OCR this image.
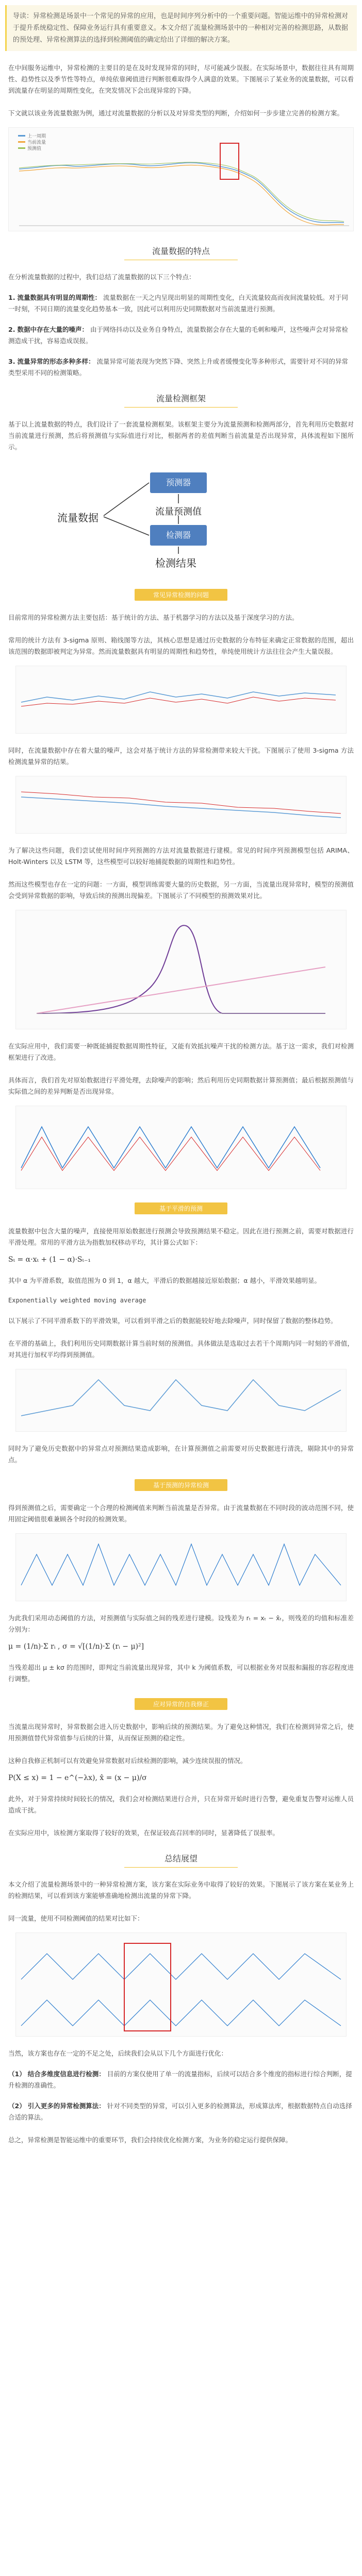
导读：异常检测是场景中一个常见的异常的应用，也是时间序列分析中的一个重要问题。智能运维中的异常检测对于提升系统稳定性、保障业务运行具有重要意义。本文介绍了流量检测场景中的一种相对完善的检测思路，从数据的预处理、异常检测算法的选择到检测阈值的确定给出了详细的解决方案。
在中间服务运维中，异常检测的主要目的是在及时发现异常的同时，尽可能减少误报。在实际场景中，数据往往具有周期性、趋势性以及季节性等特点，单纯依靠阈值进行判断很难取得令人满意的效果。下图展示了某业务的流量数据，可以看到流量存在明显的周期性变化，在突发情况下会出现异常的下降。
下文就以该业务流量数据为例，通过对流量数据的分析以及对异常类型的判断，介绍如何一步步建立完善的检测方案。
上一周期
当前流量
预测值
流量数据的特点
在分析流量数据的过程中，我们总结了流量数据的以下三个特点：
1. 流量数据具有明显的周期性： 流量数据在一天之内呈现出明显的周期性变化，白天流量较高而夜间流量较低。对于同一时刻，不同日期的流量变化趋势基本一致，因此可以利用历史同期数据对当前流量进行预测。
2. 数据中存在大量的噪声： 由于网络抖动以及业务自身特点，流量数据会存在大量的毛刺和噪声，这些噪声会对异常检测造成干扰，容易造成误报。
3. 流量异常的形态多种多样： 流量异常可能表现为突然下降、突然上升或者缓慢变化等多种形式，需要针对不同的异常类型采用不同的检测策略。
流量检测框架
基于以上流量数据的特点，我们设计了一套流量检测框架。该框架主要分为流量预测和检测两部分，首先利用历史数据对当前流量进行预测，然后将预测值与实际值进行对比，根据两者的差值判断当前流量是否出现异常，具体流程如下图所示。
流量数据
预测器
流量预测值
检测器
检测结果
常见异常检测的问题
目前常用的异常检测方法主要包括：基于统计的方法、基于机器学习的方法以及基于深度学习的方法。
常用的统计方法有 3-sigma 原则、箱线图等方法，其核心思想是通过历史数据的分布特征来确定正常数据的范围，超出该范围的数据即被判定为异常。然而流量数据具有明显的周期性和趋势性，单纯使用统计方法往往会产生大量误报。
同时，在流量数据中存在着大量的噪声，这会对基于统计方法的异常检测带来较大干扰。下图展示了使用 3-sigma 方法检测流量异常的结果。
为了解决这些问题，我们尝试使用时间序列预测的方法对流量数据进行建模。常见的时间序列预测模型包括 ARIMA、Holt-Winters 以及 LSTM 等，这些模型可以较好地捕捉数据的周期性和趋势性。
然而这些模型也存在一定的问题：一方面，模型训练需要大量的历史数据，另一方面，当流量出现异常时，模型的预测值会受到异常数据的影响，导致后续的预测出现偏差。下图展示了不同模型的预测效果对比。
在实际应用中，我们需要一种既能捕捉数据周期性特征，又能有效抵抗噪声干扰的检测方法。基于这一需求，我们对检测框架进行了改进。
具体而言，我们首先对原始数据进行平滑处理，去除噪声的影响；然后利用历史同期数据计算预测值；最后根据预测值与实际值之间的差异判断是否出现异常。
基于平滑的预测
流量数据中包含大量的噪声，直接使用原始数据进行预测会导致预测结果不稳定。因此在进行预测之前，需要对数据进行平滑处理。常用的平滑方法为指数加权移动平均，其计算公式如下：
Sₜ = α·xₜ + (1 − α)·Sₜ₋₁
其中 α 为平滑系数，取值范围为 0 到 1，α 越大，平滑后的数据越接近原始数据；α 越小，平滑效果越明显。
Exponentially weighted moving average
以下展示了不同平滑系数下的平滑效果，可以看到平滑之后的数据能较好地去除噪声，同时保留了数据的整体趋势。
在平滑的基础上，我们利用历史同期数据计算当前时刻的预测值。具体做法是选取过去若干个周期内同一时刻的平滑值，对其进行加权平均得到预测值。
同时为了避免历史数据中的异常点对预测结果造成影响，在计算预测值之前需要对历史数据进行清洗，剔除其中的异常点。
基于预测的异常检测
得到预测值之后，需要确定一个合理的检测阈值来判断当前流量是否异常。由于流量数据在不同时段的波动范围不同，使用固定阈值很难兼顾各个时段的检测效果。
为此我们采用动态阈值的方法，对预测值与实际值之间的残差进行建模。设残差为 rₜ = xₜ − x̂ₜ，则残差的均值和标准差分别为：
μ = (1/n)·Σ rᵢ , σ = √[(1/n)·Σ (rᵢ − μ)²]
当残差超出 μ ± kσ 的范围时，即判定当前流量出现异常，其中 k 为阈值系数，可以根据业务对误报和漏报的容忍程度进行调整。
应对异常的自我修正
当流量出现异常时，异常数据会进入历史数据中，影响后续的预测结果。为了避免这种情况，我们在检测到异常之后，使用预测值替代异常值参与后续的计算，从而保证预测的稳定性。
这种自我修正机制可以有效避免异常数据对后续检测的影响，减少连续误报的情况。
P(X ≤ x) = 1 − e^(−λx), x̂ = (x − μ)/σ
此外，对于异常持续时间较长的情况，我们会对检测结果进行合并，只在异常开始时进行告警，避免重复告警对运维人员造成干扰。
在实际应用中，该检测方案取得了较好的效果，在保证较高召回率的同时，显著降低了误报率。
总结展望
本文介绍了流量检测场景中的一种异常检测方案，该方案在实际业务中取得了较好的效果。下图展示了该方案在某业务上的检测结果，可以看到该方案能够准确地检测出流量的异常下降。
同一流量，使用不同检测阈值的结果对比如下：
当然，该方案也存在一定的不足之处，后续我们会从以下几个方面进行优化：
（1） 结合多维度信息进行检测： 目前的方案仅使用了单一的流量指标，后续可以结合多个维度的指标进行综合判断，提升检测的准确性。
（2） 引入更多的异常检测算法： 针对不同类型的异常，可以引入更多的检测算法，形成算法库，根据数据特点自动选择合适的算法。
总之，异常检测是智能运维中的重要环节，我们会持续优化检测方案，为业务的稳定运行提供保障。
